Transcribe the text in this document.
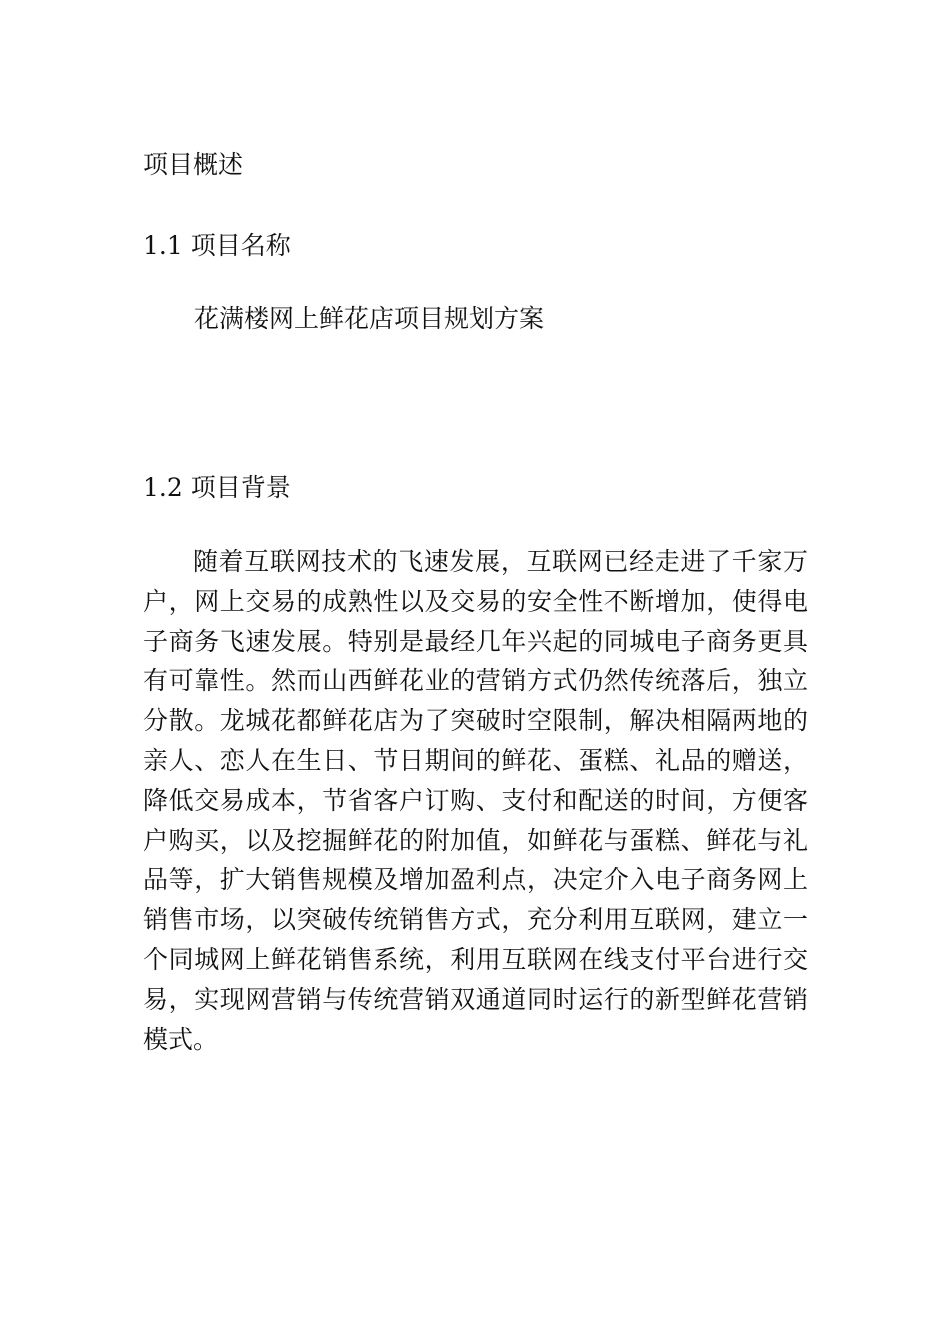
项目概述
1.1 项目名称
花满楼网上鲜花店项目规划方案
1.2 项目背景

随着互联网技术的飞速发展，互联网已经走进了千家万户，网上交易的成熟性以及交易的安全性不断增加，使得电子商务飞速发展。特别是最经几年兴起的同城电子商务更具有可靠性。然而山西鲜花业的营销方式仍然传统落后，独立分散。龙城花都鲜花店为了突破时空限制，解决相隔两地的亲人、恋人在生日、节日期间的鲜花、蛋糕、礼品的赠送，降低交易成本，节省客户订购、支付和配送的时间，方便客户购买，以及挖掘鲜花的附加值，如鲜花与蛋糕、鲜花与礼品等，扩大销售规模及增加盈利点，决定介入电子商务网上销售市场，以突破传统销售方式，充分利用互联网，建立一个同城网上鲜花销售系统，利用互联网在线支付平台进行交易，实现网营销与传统营销双通道同时运行的新型鲜花营销模式。
